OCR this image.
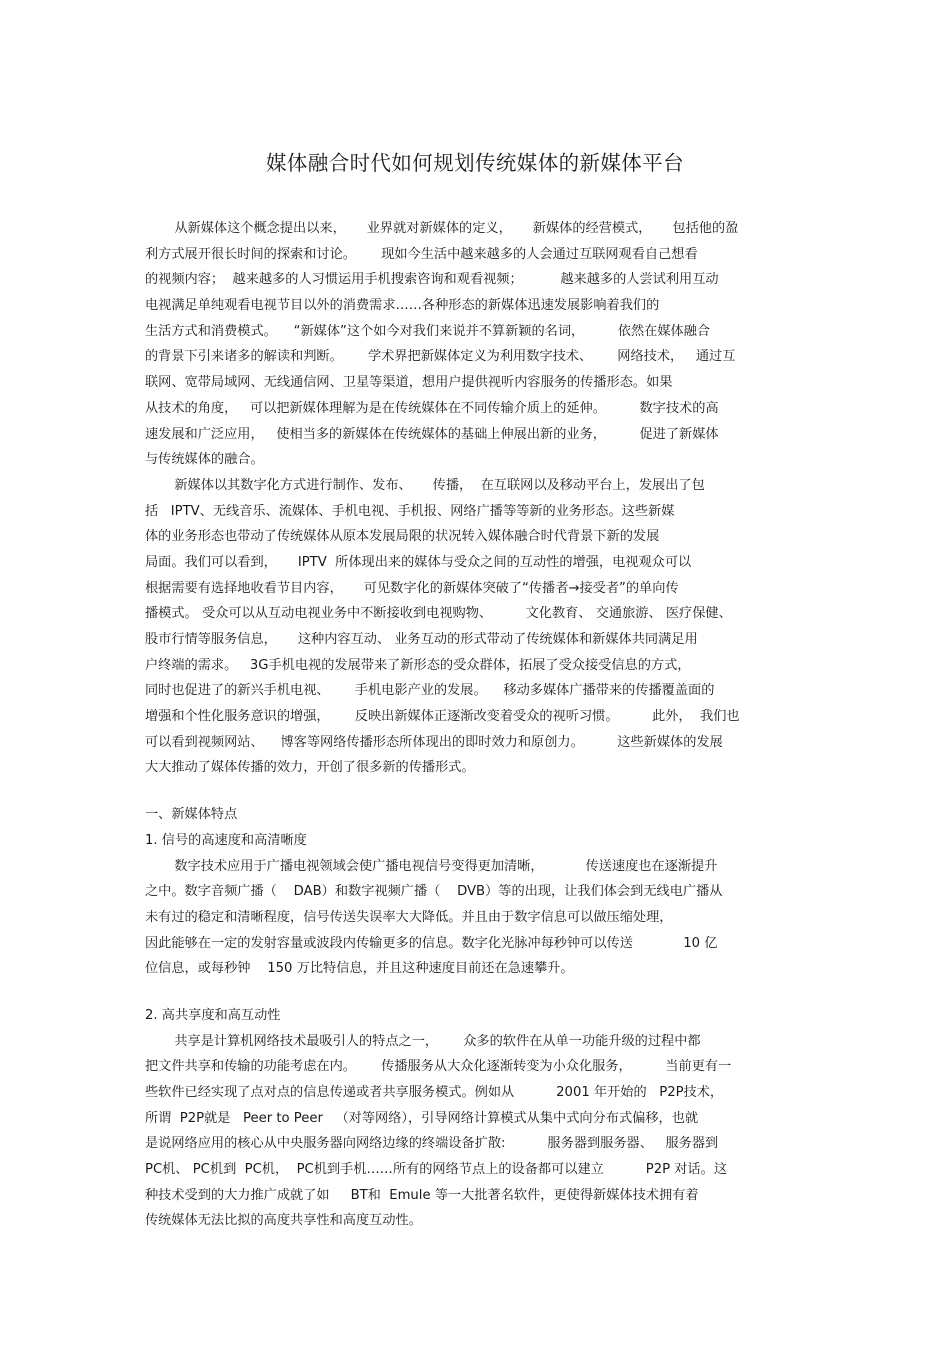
媒体融合时代如何规划传统媒体的新媒体平台
从新媒体这个概念提出以来，     业界就对新媒体的定义，     新媒体的经营模式，     包括他的盈
利方式展开很长时间的探索和讨论。      现如今生活中越来越多的人会通过互联网观看自己想看
的视频内容；  越来越多的人习惯运用手机搜索咨询和观看视频；         越来越多的人尝试利用互动
电视满足单纯观看电视节目以外的消费需求……各种形态的新媒体迅速发展影响着我们的
生活方式和消费模式。    “新媒体”这个如今对我们来说并不算新颖的名词，        依然在媒体融合
的背景下引来诸多的解读和判断。      学术界把新媒体定义为利用数字技术、      网络技术，   通过互
联网、宽带局域网、无线通信网、卫星等渠道，想用户提供视听内容服务的传播形态。如果
从技术的角度，   可以把新媒体理解为是在传统媒体在不同传输介质上的延伸。        数字技术的高
速发展和广泛应用，   使相当多的新媒体在传统媒体的基础上伸展出新的业务，        促进了新媒体
与传统媒体的融合。
新媒体以其数字化方式进行制作、发布、     传播，  在互联网以及移动平台上，发展出了包
括   IPTV、无线音乐、流媒体、手机电视、手机报、网络广播等等新的业务形态。这些新媒
体的业务形态也带动了传统媒体从原本发展局限的状况转入媒体融合时代背景下新的发展
局面。我们可以看到，     IPTV  所体现出来的媒体与受众之间的互动性的增强，电视观众可以
根据需要有选择地收看节目内容，     可见数字化的新媒体突破了“传播者→接受者”的单向传
播模式。 受众可以从互动电视业务中不断接收到电视购物、        文化教育、 交通旅游、 医疗保健、
股市行情等服务信息，     这种内容互动、 业务互动的形式带动了传统媒体和新媒体共同满足用
户终端的需求。   3G手机电视的发展带来了新形态的受众群体，拓展了受众接受信息的方式，
同时也促进了的新兴手机电视、      手机电影产业的发展。    移动多媒体广播带来的传播覆盖面的
增强和个性化服务意识的增强，      反映出新媒体正逐渐改变着受众的视听习惯。        此外，  我们也
可以看到视频网站、    博客等网络传播形态所体现出的即时效力和原创力。        这些新媒体的发展
大大推动了媒体传播的效力，开创了很多新的传播形式。
一、新媒体特点
1. 信号的高速度和高清晰度
数字技术应用于广播电视领域会使广播电视信号变得更加清晰，          传送速度也在逐渐提升
之中。数字音频广播（    DAB）和数字视频广播（    DVB）等的出现，让我们体会到无线电广播从
未有过的稳定和清晰程度，信号传送失误率大大降低。并且由于数字信息可以做压缩处理，
因此能够在一定的发射容量或波段内传输更多的信息。数字化光脉冲每秒钟可以传送            10 亿
位信息，或每秒钟    150 万比特信息，并且这种速度目前还在急速攀升。
2. 高共享度和高互动性
共享是计算机网络技术最吸引人的特点之一，      众多的软件在从单一功能升级的过程中都
把文件共享和传输的功能考虑在内。      传播服务从大众化逐渐转变为小众化服务，        当前更有一
些软件已经实现了点对点的信息传递或者共享服务模式。例如从          2001 年开始的   P2P技术，
所谓  P2P就是   Peer to Peer   （对等网络），引导网络计算模式从集中式向分布式偏移，也就
是说网络应用的核心从中央服务器向网络边缘的终端设备扩散:          服务器到服务器、   服务器到
PC机、 PC机到  PC机，  PC机到手机……所有的网络节点上的设备都可以建立          P2P 对话。这
种技术受到的大力推广成就了如     BT和  Emule 等一大批著名软件，更使得新媒体技术拥有着
传统媒体无法比拟的高度共享性和高度互动性。
